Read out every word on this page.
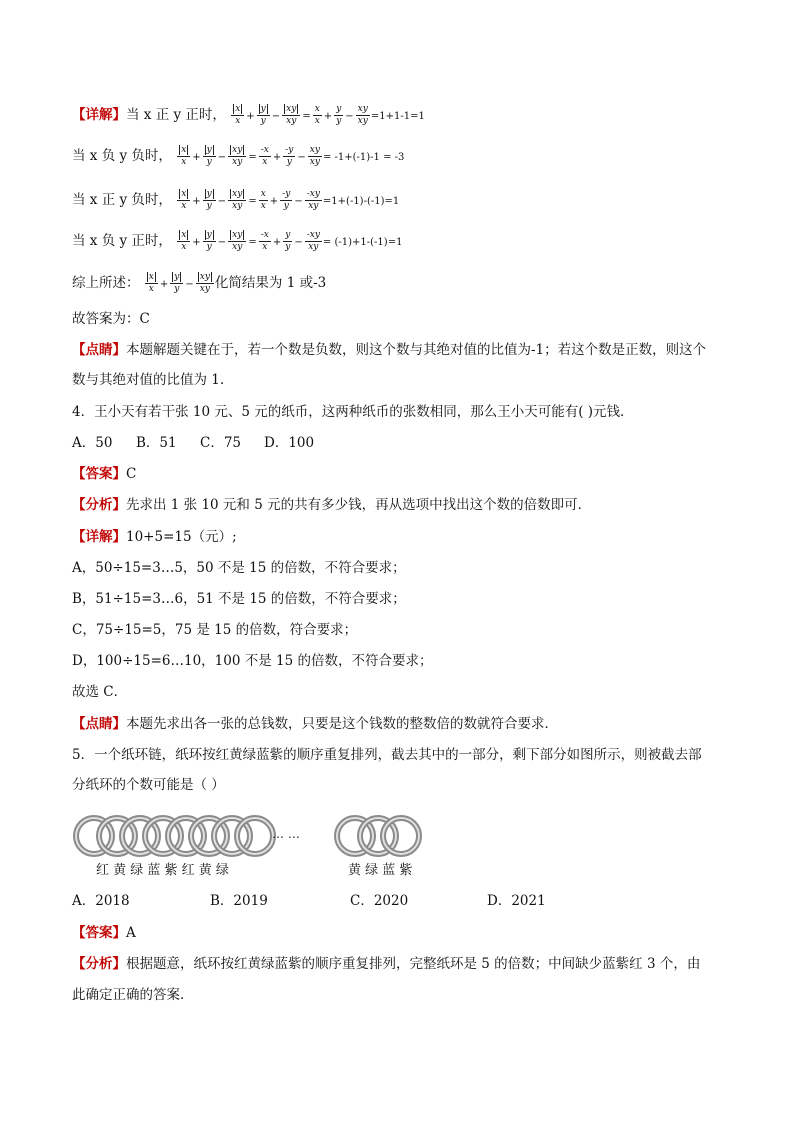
【详解】当 x 正 y 正时， $\frac{x}{x} + \frac{y}{y} - \frac{xy}{xy} = \frac{x}{x} + \frac{y}{y} - \frac{xy}{xy} =1+1-1=1$
当 x 负 y 负时， $\frac{x}{x} + \frac{y}{y} - \frac{xy}{xy} = \frac{-x}{x} + \frac{-y}{y} - \frac{xy}{xy} = -1+(-1)-1 = -3$
当 x 正 y 负时， $\frac{x}{x} + \frac{y}{y} - \frac{xy}{xy} = \frac{x}{x} + \frac{-y}{y} - \frac{-xy}{xy} =1+(-1)-(-1)=1$
当 x 负 y 正时， $\frac{x}{x} + \frac{y}{y} - \frac{xy}{xy} = \frac{-x}{x} + \frac{y}{y} - \frac{-xy}{xy} = (-1)+1-(-1)=1$
综上所述： $\frac{x}{x} + \frac{y}{y} - \frac{xy}{xy}$ 化简结果为 1 或-3
故答案为：C
【点睛】本题解题关键在于，若一个数是负数，则这个数与其绝对值的比值为-1；若这个数是正数，则这个
数与其绝对值的比值为 1.
4．王小天有若干张 10 元、5 元的纸币，这两种纸币的张数相同，那么王小天可能有( )元钱．
A．50 B．51 C．75 D．100
【答案】C
【分析】先求出 1 张 10 元和 5 元的共有多少钱，再从选项中找出这个数的倍数即可．
【详解】10+5=15（元）;
A，50÷15=3…5，50 不是 15 的倍数，不符合要求；
B，51÷15=3…6，51 不是 15 的倍数，不符合要求；
C，75÷15=5，75 是 15 的倍数，符合要求；
D，100÷15=6…10，100 不是 15 的倍数，不符合要求；
故选 C．
【点睛】本题先求出各一张的总钱数，只要是这个钱数的整数倍的数就符合要求．
5．一个纸环链，纸环按红黄绿蓝紫的顺序重复排列，截去其中的一部分，剩下部分如图所示，则被截去部
分纸环的个数可能是（ ）
… …
红 黄 绿 蓝 紫 红 黄 绿	黄 绿 蓝 紫
A．2018	B．2019	C．2020	D．2021
【答案】A
【分析】根据题意，纸环按红黄绿蓝紫的顺序重复排列，完整纸环是 5 的倍数；中间缺少蓝紫红 3 个，由
此确定正确的答案．
